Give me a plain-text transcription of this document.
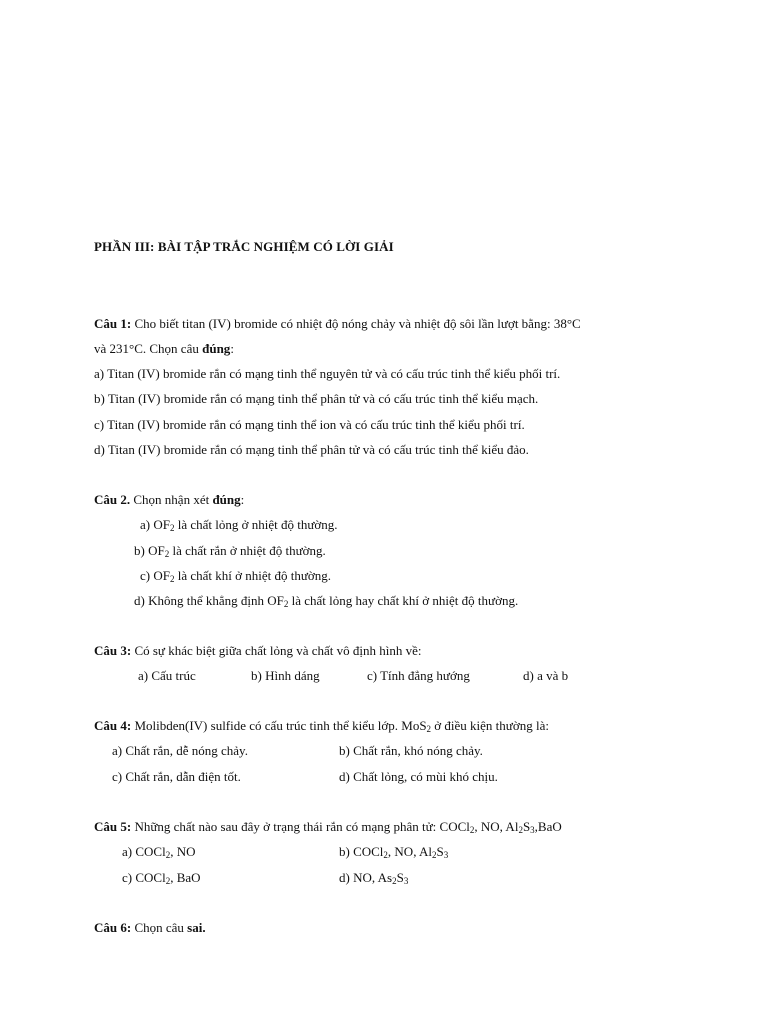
PHẦN III: BÀI TẬP TRẮC NGHIỆM CÓ LỜI GIẢI
Câu 1: Cho biết titan (IV) bromide có nhiệt độ nóng chảy và nhiệt độ sôi lần lượt bằng: 38°C
và 231°C. Chọn câu đúng:
a) Titan (IV) bromide rắn có mạng tinh thể nguyên tử và có cấu trúc tinh thể kiểu phối trí.
b) Titan (IV) bromide rắn có mạng tinh thể phân tử và có cấu trúc tinh thể kiểu mạch.
c) Titan (IV) bromide rắn có mạng tinh thể ion và có cấu trúc tinh thể kiểu phối trí.
d) Titan (IV) bromide rắn có mạng tinh thể phân tử và có cấu trúc tinh thể kiểu đảo.
Câu 2. Chọn nhận xét đúng:
a) $OF_2$ là chất lỏng ở nhiệt độ thường.
b) $OF_2$ là chất rắn ở nhiệt độ thường.
c) $OF_2$ là chất khí ở nhiệt độ thường.
d) Không thể khẳng định $OF_2$ là chất lỏng hay chất khí ở nhiệt độ thường.
Câu 3: Có sự khác biệt giữa chất lỏng và chất vô định hình về:
a) Cấu trúc	b) Hình dáng	c) Tính đẳng hướng	d) a và b
Câu 4: Molibden(IV) sulfide có cấu trúc tinh thể kiểu lớp. MoS$_2$ ở điều kiện thường là:
a) Chất rắn, dễ nóng chảy.	b) Chất rắn, khó nóng chảy.
c) Chất rắn, dẫn điện tốt.	d) Chất lỏng, có mùi khó chịu.
Câu 5: Những chất nào sau đây ở trạng thái rắn có mạng phân tử: COCl$_2$, NO, $Al_2S_3,BaO$
a) COCl$_2$, NO	b) COCl$_2$, NO, $Al_2S_3$
c) COCl$_2$, BaO	d) NO, $As_2S_3$
Câu 6: Chọn câu sai.
